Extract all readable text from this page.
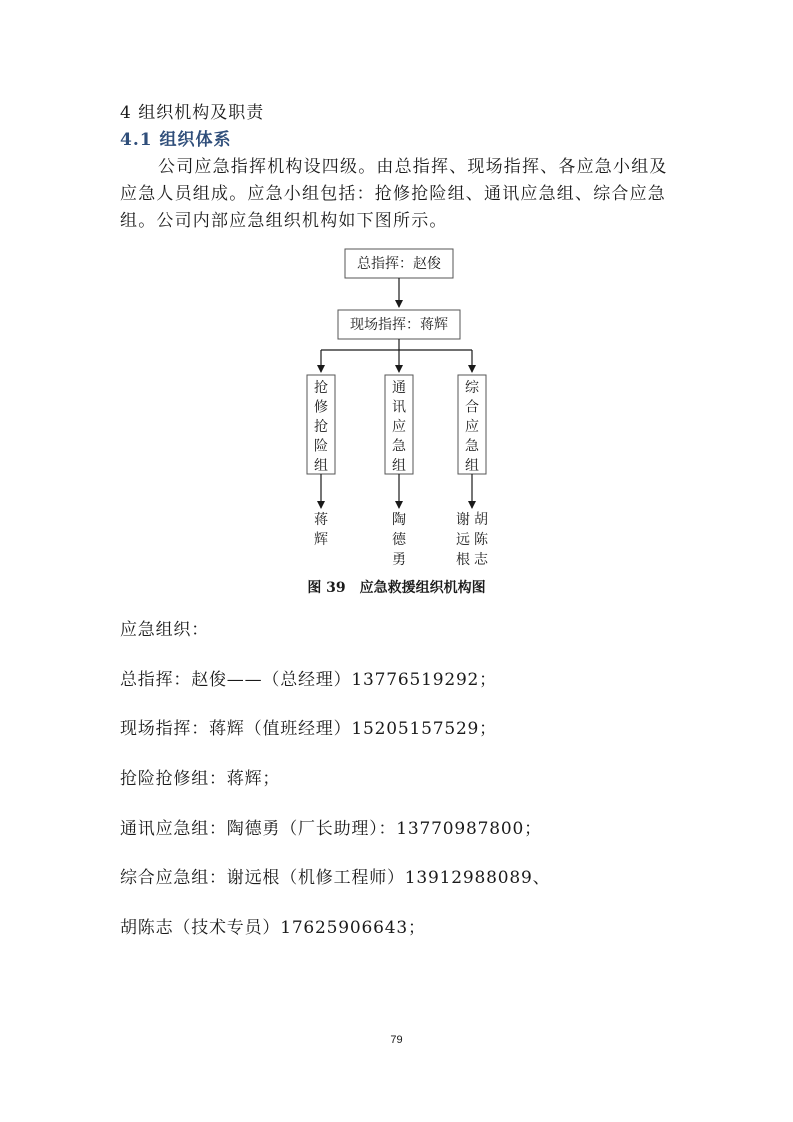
4 组织机构及职责
4.1 组织体系
公司应急指挥机构设四级。由总指挥、现场指挥、各应急小组及应急人员组成。应急小组包括：抢修抢险组、通讯应急组、综合应急组。公司内部应急组织机构如下图所示。
总指挥：赵俊
现场指挥：蒋辉
抢修抢险组
通讯应急组
综合应急组
蒋辉
陶德勇
谢远根
胡陈志
图 39　应急救援组织机构图
应急组织：
总指挥：赵俊——（总经理）13776519292；
现场指挥：蒋辉（值班经理）15205157529；
抢险抢修组：蒋辉；
通讯应急组：陶德勇（厂长助理）：13770987800；
综合应急组：谢远根（机修工程师）13912988089、
胡陈志（技术专员）17625906643；
79
